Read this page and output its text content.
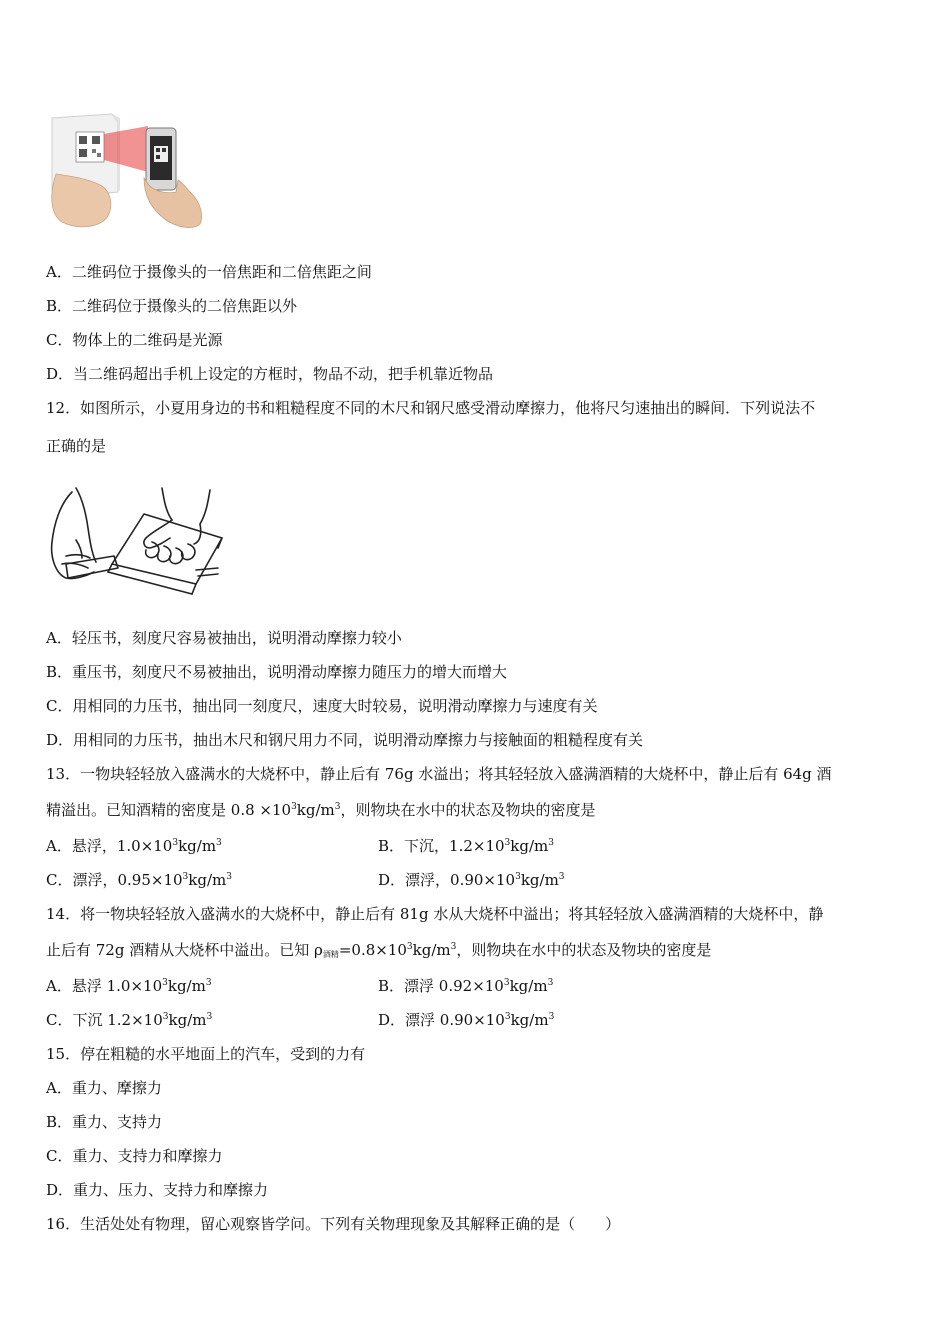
A．二维码位于摄像头的一倍焦距和二倍焦距之间
B．二维码位于摄像头的二倍焦距以外
C．物体上的二维码是光源
D．当二维码超出手机上设定的方框时，物品不动，把手机靠近物品
12．如图所示，小夏用身边的书和粗糙程度不同的木尺和钢尺感受滑动摩擦力，他将尺匀速抽出的瞬间．下列说法不
正确的是
A．轻压书，刻度尺容易被抽出，说明滑动摩擦力较小
B．重压书，刻度尺不易被抽出，说明滑动摩擦力随压力的增大而增大
C．用相同的力压书，抽出同一刻度尺，速度大时较易，说明滑动摩擦力与速度有关
D．用相同的力压书，抽出木尺和钢尺用力不同，说明滑动摩擦力与接触面的粗糙程度有关
13．一物块轻轻放入盛满水的大烧杯中，静止后有 76g 水溢出；将其轻轻放入盛满酒精的大烧杯中，静止后有 64g 酒
精溢出。已知酒精的密度是 $0.8 \times 10^3kg/m^3$，则物块在水中的状态及物块的密度是
A．悬浮，$1.0\times 10^3kg/m^3$	B．下沉，$1.2\times 10^3kg/m^3$
C．漂浮，$0.95\times 10^3kg/m^3$	D．漂浮，$0.90\times 10^3kg/m^3$
14．将一物块轻轻放入盛满水的大烧杯中，静止后有 81g 水从大烧杯中溢出；将其轻轻放入盛满酒精的大烧杯中，静
止后有 72g 酒精从大烧杯中溢出。已知 $\rho_{酒精}=0.8\times 10^3kg/m^3$，则物块在水中的状态及物块的密度是
A．悬浮 $1.0\times 10^3kg/m^3$	B．漂浮 $0.92\times 10^3kg/m^3$
C．下沉 $1.2\times 10^3kg/m^3$	D．漂浮 $0.90\times 10^3kg/m^3$
15．停在粗糙的水平地面上的汽车，受到的力有
A．重力、摩擦力
B．重力、支持力
C．重力、支持力和摩擦力
D．重力、压力、支持力和摩擦力
16．生活处处有物理，留心观察皆学问。下列有关物理现象及其解释正确的是（　　）
